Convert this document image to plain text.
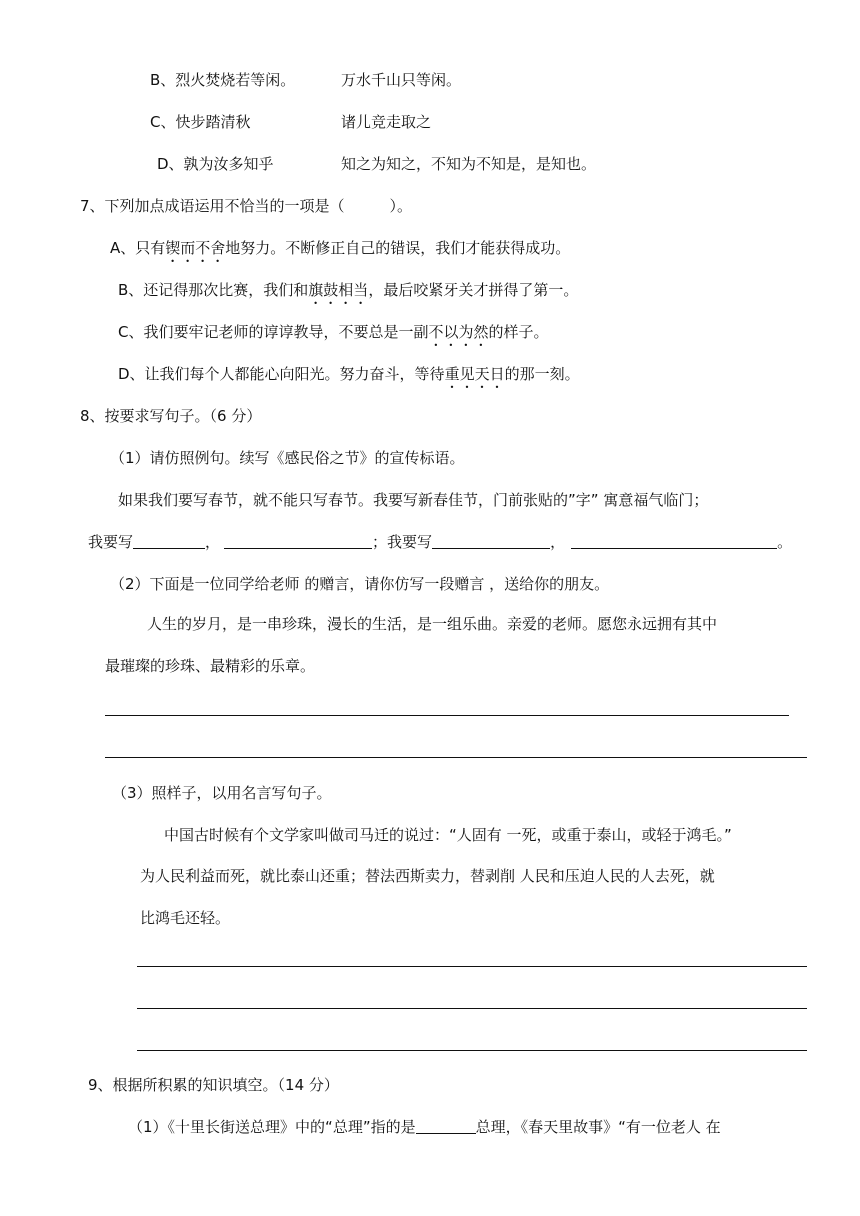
B、烈火焚烧若等闲。	万水千山只等闲。
C、快步踏清秋	诸儿竞走取之
D、孰为汝多知乎	知之为知之，不知为不知是，是知也。
7、下列加点成语运用不恰当的一项是（　　　）。
A、只有锲而不舍地努力。不断修正自己的错误，我们才能获得成功。
B、还记得那次比赛，我们和旗鼓相当，最后咬紧牙关才拼得了第一。
C、我们要牢记老师的谆谆教导，不要总是一副不以为然的样子。
D、让我们每个人都能心向阳光。努力奋斗，等待重见天日的那一刻。
8、按要求写句子。（6 分）
（1）请仿照例句。续写《感民俗之节》的宣传标语。
如果我们要写春节，就不能只写春节。我要写新春佳节，门前张贴的”字” 寓意福气临门；
我要写	，	；我要写	，	。
（2）下面是一位同学给老师 的赠言，请你仿写一段赠言 ，送给你的朋友。
人生的岁月，是一串珍珠，漫长的生活，是一组乐曲。亲爱的老师。愿您永远拥有其中
最璀璨的珍珠、最精彩的乐章。
（3）照样子，以用名言写句子。
中国古时候有个文学家叫做司马迁的说过：“人固有 一死，或重于泰山，或轻于鸿毛。”
为人民利益而死，就比泰山还重；替法西斯卖力，替剥削 人民和压迫人民的人去死，就
比鸿毛还轻。
9、根据所积累的知识填空。（14 分）
（1）《十里长街送总理》中的“总理”指的是	总理，《春天里故事》“有一位老人 在
